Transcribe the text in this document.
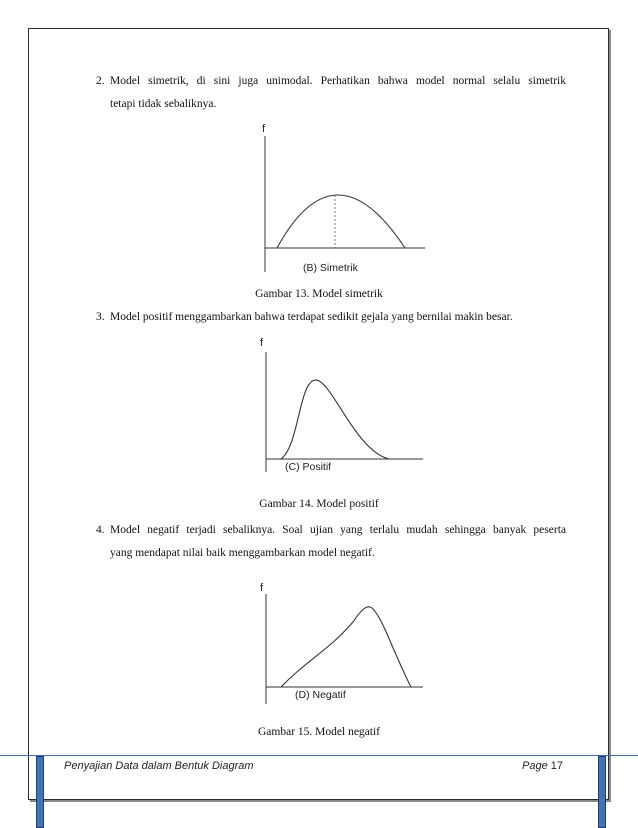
2. Model simetrik, di sini juga unimodal. Perhatikan bahwa model normal selalu simetrik
tetapi tidak sebaliknya.
f
(B) Simetrik
Gambar 13. Model simetrik
3. Model positif menggambarkan bahwa terdapat sedikit gejala yang bernilai makin besar.
f
(C) Positif
Gambar 14. Model positif
4. Model negatif terjadi sebaliknya. Soal ujian yang terlalu mudah sehingga banyak peserta
yang mendapat nilai baik menggambarkan model negatif.
f
(D) Negatif
Gambar 15. Model negatif
Penyajian Data dalam Bentuk Diagram	Page 17
